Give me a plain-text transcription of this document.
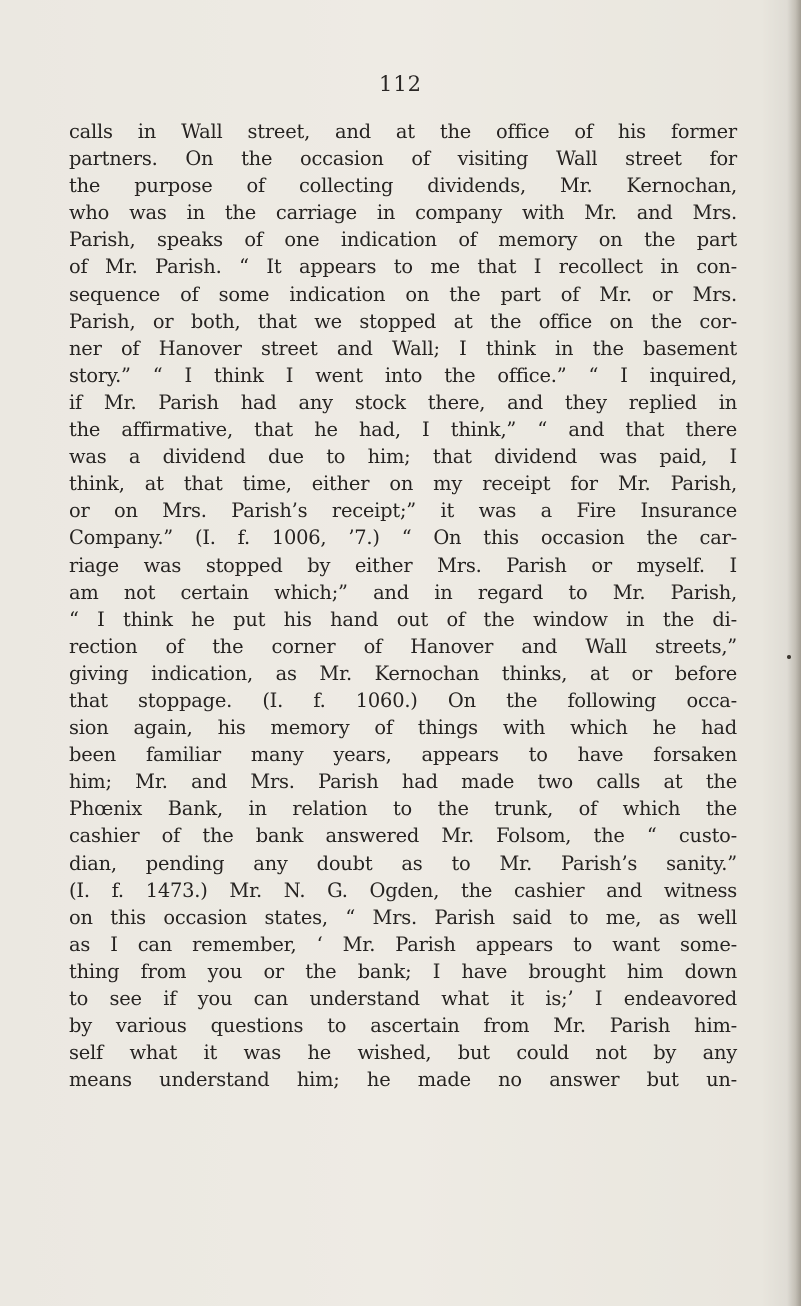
112
calls in Wall street, and at the office of his former
partners. On the occasion of visiting Wall street for
the purpose of collecting dividends, Mr. Kernochan,
who was in the carriage in company with Mr. and Mrs.
Parish, speaks of one indication of memory on the part
of Mr. Parish. “ It appears to me that I recollect in con-
sequence of some indication on the part of Mr. or Mrs.
Parish, or both, that we stopped at the office on the cor-
ner of Hanover street and Wall; I think in the basement
story.” “ I think I went into the office.” “ I inquired,
if Mr. Parish had any stock there, and they replied in
the affirmative, that he had, I think,” “ and that there
was a dividend due to him; that dividend was paid, I
think, at that time, either on my receipt for Mr. Parish,
or on Mrs. Parish’s receipt;” it was a Fire Insurance
Company.” (I. f. 1006, ’7.) “ On this occasion the car-
riage was stopped by either Mrs. Parish or myself. I
am not certain which;” and in regard to Mr. Parish,
“ I think he put his hand out of the window in the di-
rection of the corner of Hanover and Wall streets,”
giving indication, as Mr. Kernochan thinks, at or before
that stoppage. (I. f. 1060.) On the following occa-
sion again, his memory of things with which he had
been familiar many years, appears to have forsaken
him; Mr. and Mrs. Parish had made two calls at the
Phœnix Bank, in relation to the trunk, of which the
cashier of the bank answered Mr. Folsom, the “ custo-
dian, pending any doubt as to Mr. Parish’s sanity.”
(I. f. 1473.) Mr. N. G. Ogden, the cashier and witness
on this occasion states, “ Mrs. Parish said to me, as well
as I can remember, ‘ Mr. Parish appears to want some-
thing from you or the bank; I have brought him down
to see if you can understand what it is;’ I endeavored
by various questions to ascertain from Mr. Parish him-
self what it was he wished, but could not by any
means understand him; he made no answer but un-
